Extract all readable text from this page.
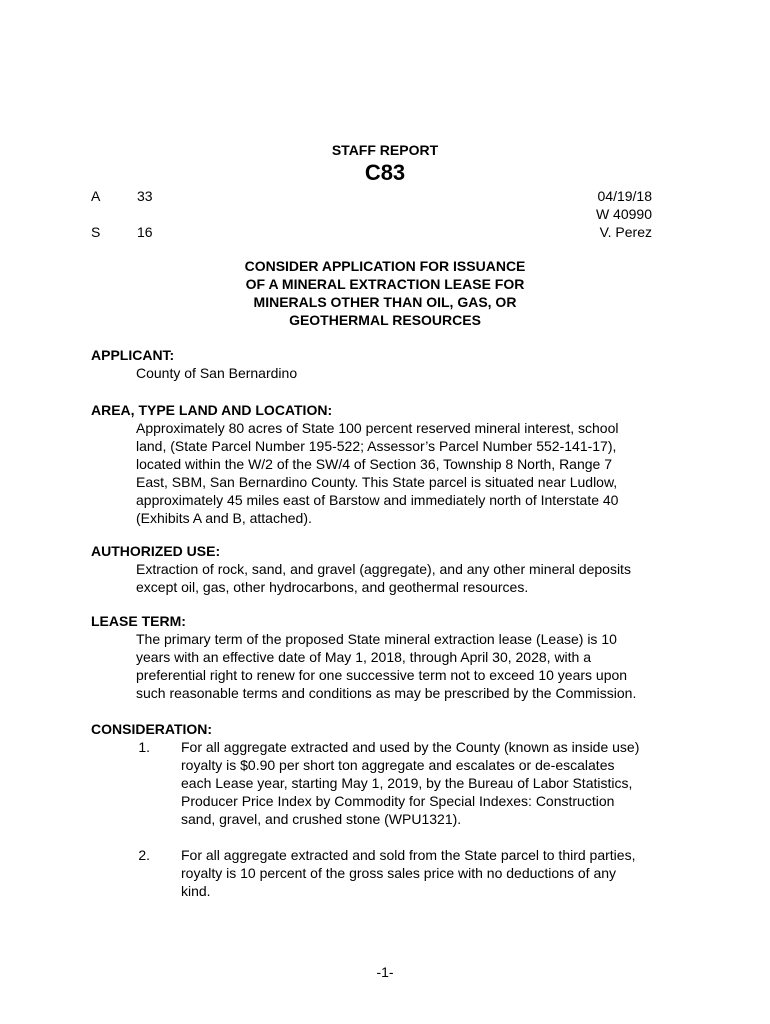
STAFF REPORT
C83
A	33
S	16
04/19/18
W 40990
V. Perez
CONSIDER APPLICATION FOR ISSUANCE
OF A MINERAL EXTRACTION LEASE FOR
MINERALS OTHER THAN OIL, GAS, OR
GEOTHERMAL RESOURCES
APPLICANT:
County of San Bernardino
AREA, TYPE LAND AND LOCATION:
Approximately 80 acres of State 100 percent reserved mineral interest, school
land, (State Parcel Number 195-522; Assessor’s Parcel Number 552-141-17),
located within the W/2 of the SW/4 of Section 36, Township 8 North, Range 7
East, SBM, San Bernardino County. This State parcel is situated near Ludlow,
approximately 45 miles east of Barstow and immediately north of Interstate 40
(Exhibits A and B, attached).
AUTHORIZED USE:
Extraction of rock, sand, and gravel (aggregate), and any other mineral deposits
except oil, gas, other hydrocarbons, and geothermal resources.
LEASE TERM:
The primary term of the proposed State mineral extraction lease (Lease) is 10
years with an effective date of May 1, 2018, through April 30, 2028, with a
preferential right to renew for one successive term not to exceed 10 years upon
such reasonable terms and conditions as may be prescribed by the Commission.
CONSIDERATION:
1. For all aggregate extracted and used by the County (known as inside use)
royalty is $0.90 per short ton aggregate and escalates or de-escalates
each Lease year, starting May 1, 2019, by the Bureau of Labor Statistics,
Producer Price Index by Commodity for Special Indexes: Construction
sand, gravel, and crushed stone (WPU1321).
2. For all aggregate extracted and sold from the State parcel to third parties,
royalty is 10 percent of the gross sales price with no deductions of any
kind.
-1-
